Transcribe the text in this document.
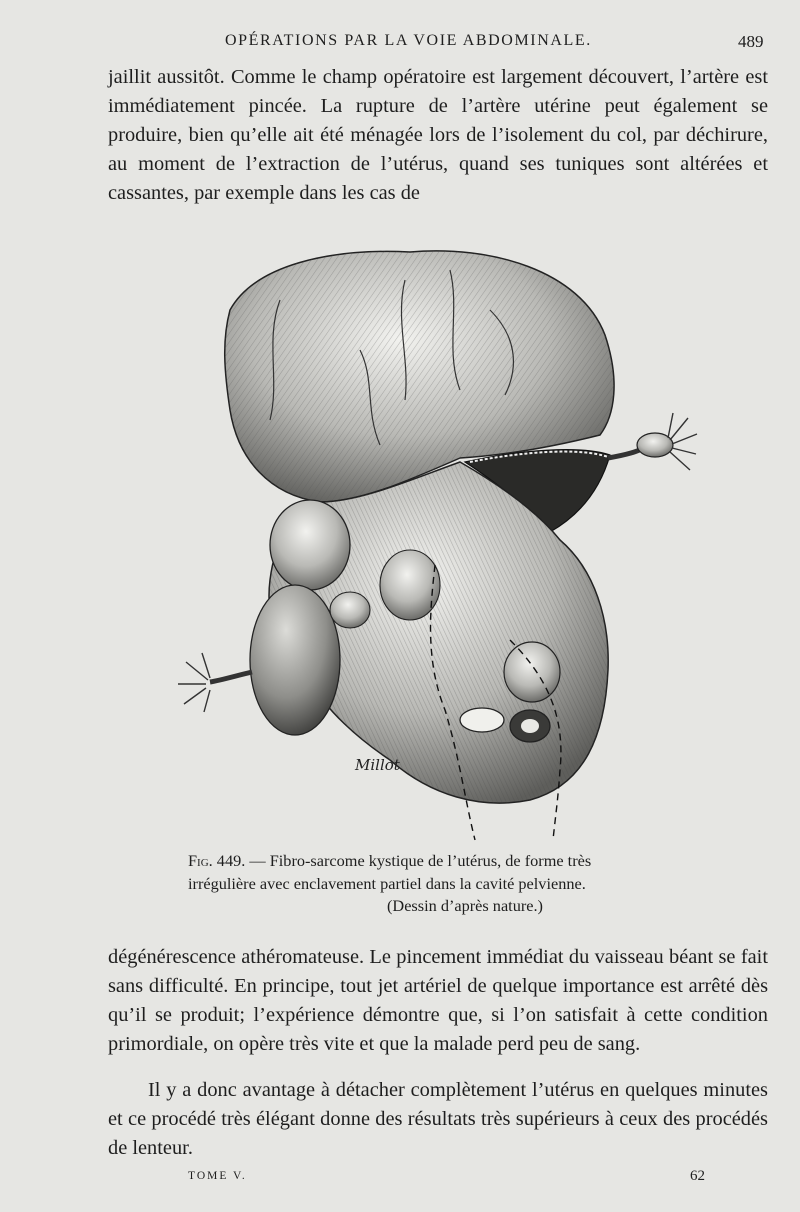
OPÉRATIONS PAR LA VOIE ABDOMINALE.	489

jaillit aussitôt. Comme le champ opératoire est largement découvert, l’artère est immédiatement pincée. La rupture de l’artère utérine peut également se produire, bien qu’elle ait été ménagée lors de l’isolement du col, par déchirure, au moment de l’extraction de l’utérus, quand ses tuniques sont altérées et cassantes, par exemple dans les cas de

Millot

Fig. 449. — Fibro-sarcome kystique de l’utérus, de forme très
irrégulière avec enclavement partiel dans la cavité pelvienne.
(Dessin d’après nature.)

dégénérescence athéromateuse. Le pincement immédiat du vaisseau béant se fait sans difficulté. En principe, tout jet artériel de quelque importance est arrêté dès qu’il se produit; l’expérience démontre que, si l’on satisfait à cette condition primordiale, on opère très vite et que la malade perd peu de sang.

Il y a donc avantage à détacher complètement l’utérus en quelques minutes et ce procédé très élégant donne des résultats très supérieurs à ceux des procédés de lenteur.

TOME V.	62
